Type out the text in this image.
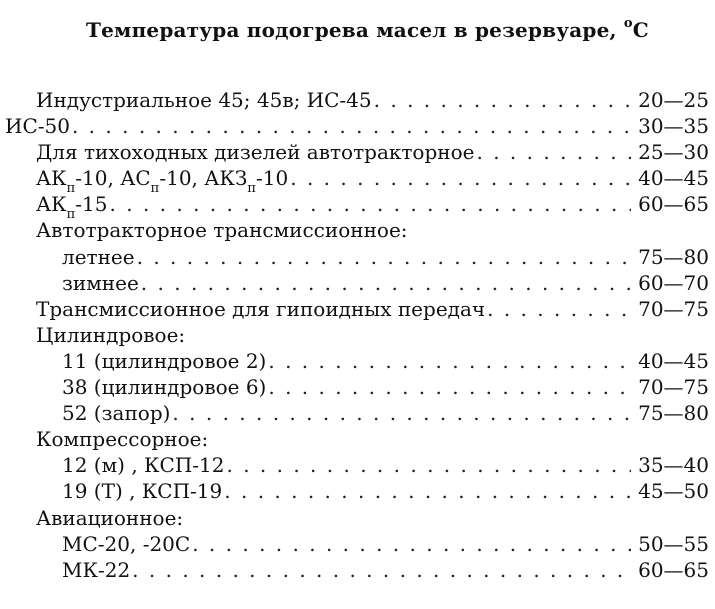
Температура подогрева масел в резервуаре, $^о$С
Индустриальное 45; 45в; ИС-45 . . .	20—25
ИС-50 . . .	30—35
Для тихоходных дизелей автотракторное . . .	25—30
$АК_п-10$, $АС_п-10$, $АКЗ_п-10$ . . .	40—45
$АК_п-15$ . . .	60—65
Автотракторное трансмиссионное:
летнее . . .	75—80
зимнее . . .	60—70
Трансмиссионное для гипоидных передач . . .	70—75
Цилиндровое:
11 (цилиндровое 2) . . .	40—45
38 (цилиндровое 6) . . .	70—75
52 (запор) . . .	75—80
Компрессорное:
12 (м) , КСП-12 . . .	35—40
19 (Т) , КСП-19 . . .	45—50
Авиационное:
МС-20, -20С . . .	50—55
МК-22 . . .	60—65
